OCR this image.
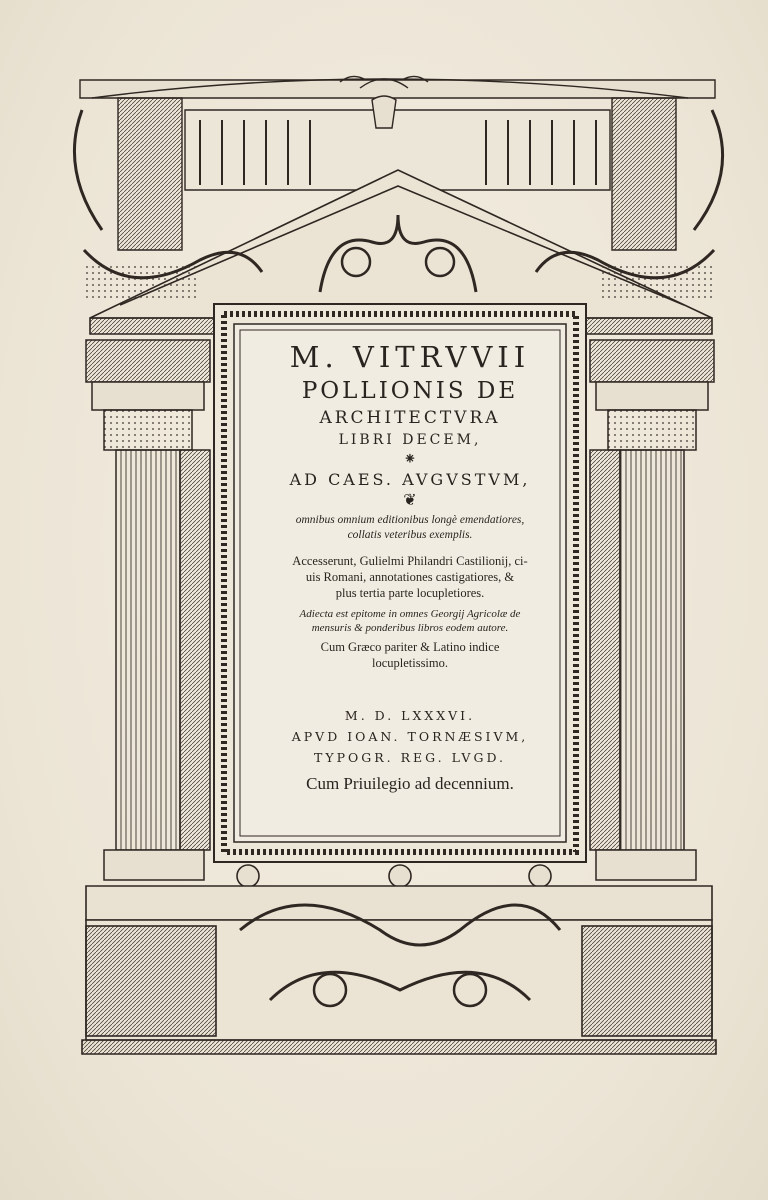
M. VITRVVII
POLLIONIS DE
ARCHITECTVRA
LIBRI DECEM,
⁕
AD CAES. AVGVSTVM,
❦
omnibus omnium editionibus longè emendatiores,
collatis veteribus exemplis.
Accesserunt, Gulielmi Philandri Castilionij, ci-
uis Romani, annotationes castigatiores, &
plus tertia parte locupletiores.
Adiecta est epitome in omnes Georgij Agricolæ de
mensuris & ponderibus libros eodem autore.
Cum Græco pariter & Latino indice
locupletissimo.
M. D. LXXXVI.
APVD IOAN. TORNÆSIVM,
TYPOGR. REG. LVGD.
Cum Priuilegio ad decennium.
